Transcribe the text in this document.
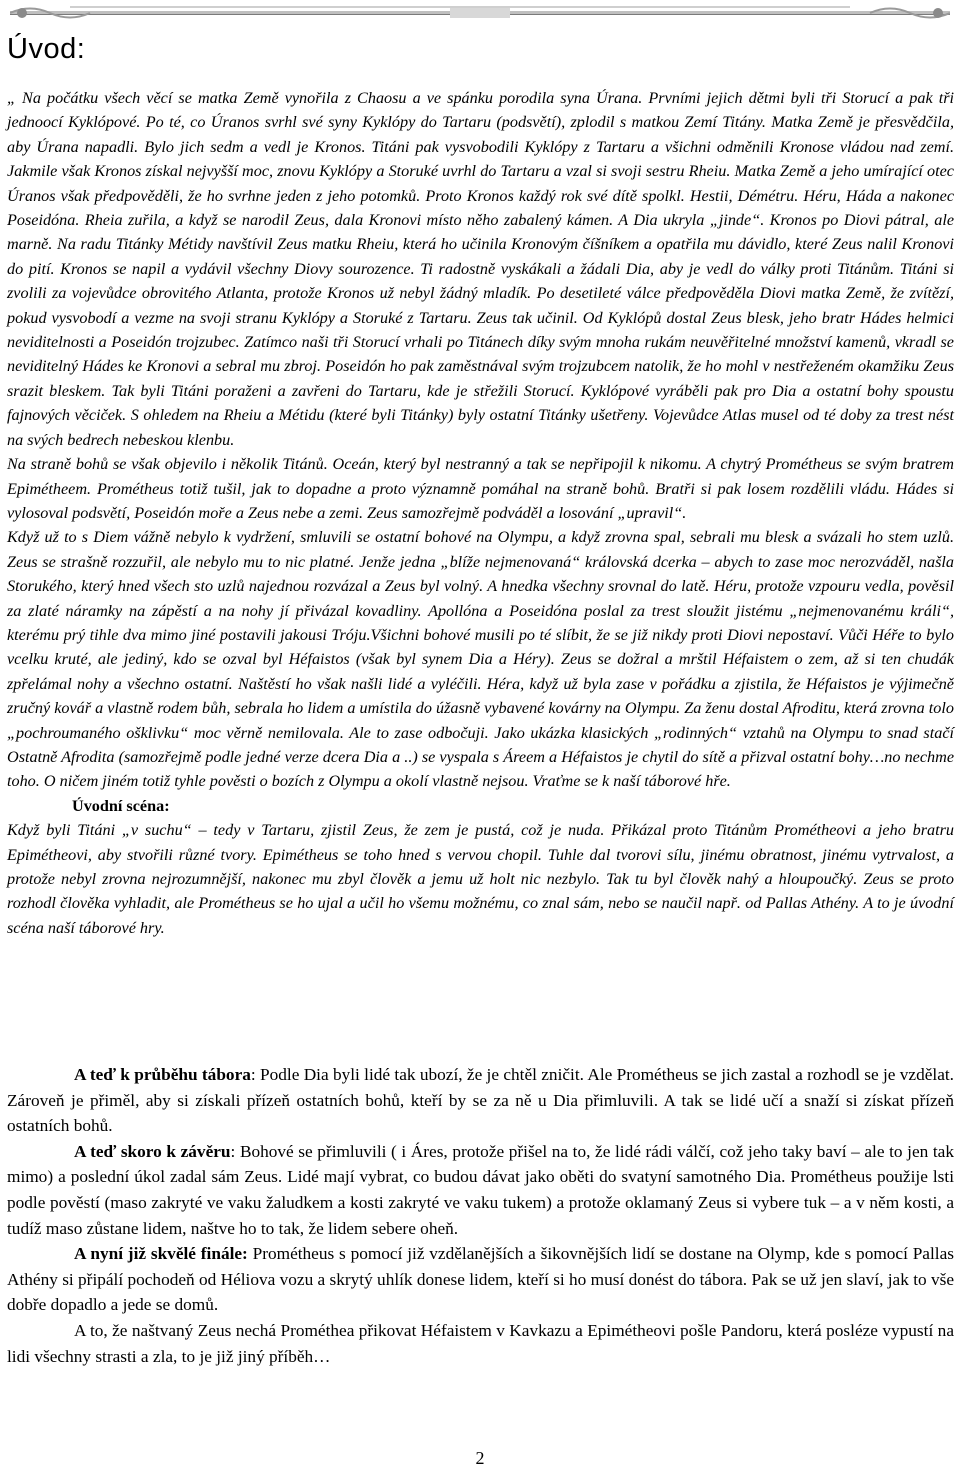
Úvod:

„ Na počátku všech věcí se matka Země vynořila z Chaosu a ve spánku porodila syna Úrana. Prvními jejich dětmi byli tři Storucí a pak tři jednoocí Kyklópové. Po té, co Úranos svrhl své syny Kyklópy do Tartaru (podsvětí), zplodil s matkou Zemí Titány. Matka Země je přesvědčila, aby Úrana napadli. Bylo jich sedm a vedl je Kronos. Titáni pak vysvobodili Kyklópy z Tartaru a všichni odměnili Kronose vládou nad zemí. Jakmile však Kronos získal nejvyšší moc, znovu Kyklópy a Storuké uvrhl do Tartaru a vzal si svoji sestru Rheiu. Matka Země a jeho umírající otec Úranos však předpověděli, že ho svrhne jeden z jeho potomků. Proto Kronos každý rok své dítě spolkl. Hestii, Démétru. Héru, Háda a nakonec Poseidóna. Rheia zuřila, a když se narodil Zeus, dala Kronovi místo něho zabalený kámen. A Dia ukryla „jinde“. Kronos po Diovi pátral, ale marně. Na radu Titánky Métidy navštívil Zeus matku Rheiu, která ho učinila Kronovým číšníkem a opatřila mu dávidlo, které Zeus nalil Kronovi do pití. Kronos se napil a vydávil všechny Diovy sourozence. Ti radostně vyskákali a žádali Dia, aby je vedl do války proti Titánům. Titáni si zvolili za vojevůdce obrovitého Atlanta, protože Kronos už nebyl žádný mladík. Po desetileté válce předpověděla Diovi matka Země, že zvítězí, pokud vysvobodí a vezme na svoji stranu Kyklópy a Storuké z Tartaru. Zeus tak učinil. Od Kyklópů dostal Zeus blesk, jeho bratr Hádes helmici neviditelnosti a Poseidón trojzubec. Zatímco naši tři Storucí vrhali po Titánech díky svým mnoha rukám neuvěřitelné množství kamenů, vkradl se neviditelný Hádes ke Kronovi a sebral mu zbroj. Poseidón ho pak zaměstnával svým trojzubcem natolik, že ho mohl v nestřeženém okamžiku Zeus srazit bleskem. Tak byli Titáni poraženi a zavřeni do Tartaru, kde je střežili Storucí. Kyklópové vyráběli pak pro Dia a ostatní bohy spoustu fajnových věciček. S ohledem na Rheiu a Métidu (které byli Titánky) byly ostatní Titánky ušetřeny. Vojevůdce Atlas musel od té doby za trest nést na svých bedrech nebeskou klenbu.

Na straně bohů se však objevilo i několik Titánů. Oceán, který byl nestranný a tak se nepřipojil k nikomu. A chytrý Prométheus se svým bratrem Epimétheem. Prométheus totiž tušil, jak to dopadne a proto významně pomáhal na straně bohů. Bratři si pak losem rozdělili vládu. Hádes si vylosoval podsvětí, Poseidón moře a Zeus nebe a zemi. Zeus samozřejmě podváděl a losování „upravil“.

Když už to s Diem vážně nebylo k vydržení, smluvili se ostatní bohové na Olympu, a když zrovna spal, sebrali mu blesk a svázali ho stem uzlů. Zeus se strašně rozzuřil, ale nebylo mu to nic platné. Jenže jedna „blíže nejmenovaná“ královská dcerka – abych to zase moc nerozváděl, našla Storukého, který hned všech sto uzlů najednou rozvázal a Zeus byl volný. A hnedka všechny srovnal do latě. Héru, protože vzpouru vedla, pověsil za zlaté náramky na zápěstí a na nohy jí přivázal kovadliny. Apollóna a Poseidóna poslal za trest sloužit jistému „nejmenovanému králi“, kterému prý tihle dva mimo jiné postavili jakousi Tróju.Všichni bohové musili po té slíbit, že se již nikdy proti Diovi nepostaví. Vůči Héře to bylo vcelku kruté, ale jediný, kdo se ozval byl Héfaistos (však byl synem Dia a Héry). Zeus se dožral a mrštil Héfaistem o zem, až si ten chudák zpřelámal nohy a všechno ostatní. Naštěstí ho však našli lidé a vyléčili. Héra, když už byla zase v pořádku a zjistila, že Héfaistos je výjimečně zručný kovář a vlastně rodem bůh, sebrala ho lidem a umístila do úžasně vybavené kovárny na Olympu. Za ženu dostal Afroditu, která zrovna tolo „pochroumaného ošklivku“ moc věrně nemilovala. Ale to zase odbočuji. Jako ukázka klasických „rodinných“ vztahů na Olympu to snad stačí Ostatně Afrodita (samozřejmě podle jedné verze dcera Dia a ..) se vyspala s Áreem a Héfaistos je chytil do sítě a přizval ostatní bohy…no nechme toho. O ničem jiném totiž tyhle pověsti o bozích z Olympu a okolí vlastně nejsou. Vraťme se k naší táborové hře.

Úvodní scéna:

Když byli Titáni „v suchu“ – tedy v Tartaru, zjistil Zeus, že zem je pustá, což je nuda. Přikázal proto Titánům Prométheovi a jeho bratru Epimétheovi, aby stvořili různé tvory. Epimétheus se toho hned s vervou chopil. Tuhle dal tvorovi sílu, jinému obratnost, jinému vytrvalost, a protože nebyl zrovna nejrozumnější, nakonec mu zbyl člověk a jemu už holt nic nezbylo. Tak tu byl člověk nahý a hloupoučký. Zeus se proto rozhodl člověka vyhladit, ale Prométheus se ho ujal a učil ho všemu možnému, co znal sám, nebo se naučil např. od Pallas Athény. A to je úvodní scéna naší táborové hry.

A teď k průběhu tábora: Podle Dia byli lidé tak ubozí, že je chtěl zničit. Ale Prométheus se jich zastal a rozhodl se je vzdělat. Zároveň je přiměl, aby si získali přízeň ostatních bohů, kteří by se za ně u Dia přimluvili. A tak se lidé učí a snaží si získat přízeň ostatních bohů.

A teď skoro k závěru: Bohové se přimluvili ( i Áres, protože přišel na to, že lidé rádi válčí, což jeho taky baví – ale to jen tak mimo) a poslední úkol zadal sám Zeus. Lidé mají vybrat, co budou dávat jako oběti do svatyní samotného Dia. Prométheus použije lsti podle pověstí (maso zakryté ve vaku žaludkem a kosti zakryté ve vaku tukem) a protože oklamaný Zeus si vybere tuk – a v něm kosti, a tudíž maso zůstane lidem, naštve ho to tak, že lidem sebere oheň.

A nyní již skvělé finále: Prométheus s pomocí již vzdělanějších a šikovnějších lidí se dostane na Olymp, kde s pomocí Pallas Athény si připálí pochodeň od Héliova vozu a skrytý uhlík donese lidem, kteří si ho musí donést do tábora. Pak se už jen slaví, jak to vše dobře dopadlo a jede se domů.

A to, že naštvaný Zeus nechá Prométhea přikovat Héfaistem v Kavkazu a Epimétheovi pošle Pandoru, která posléze vypustí na lidi všechny strasti a zla, to je již jiný příběh…

2
